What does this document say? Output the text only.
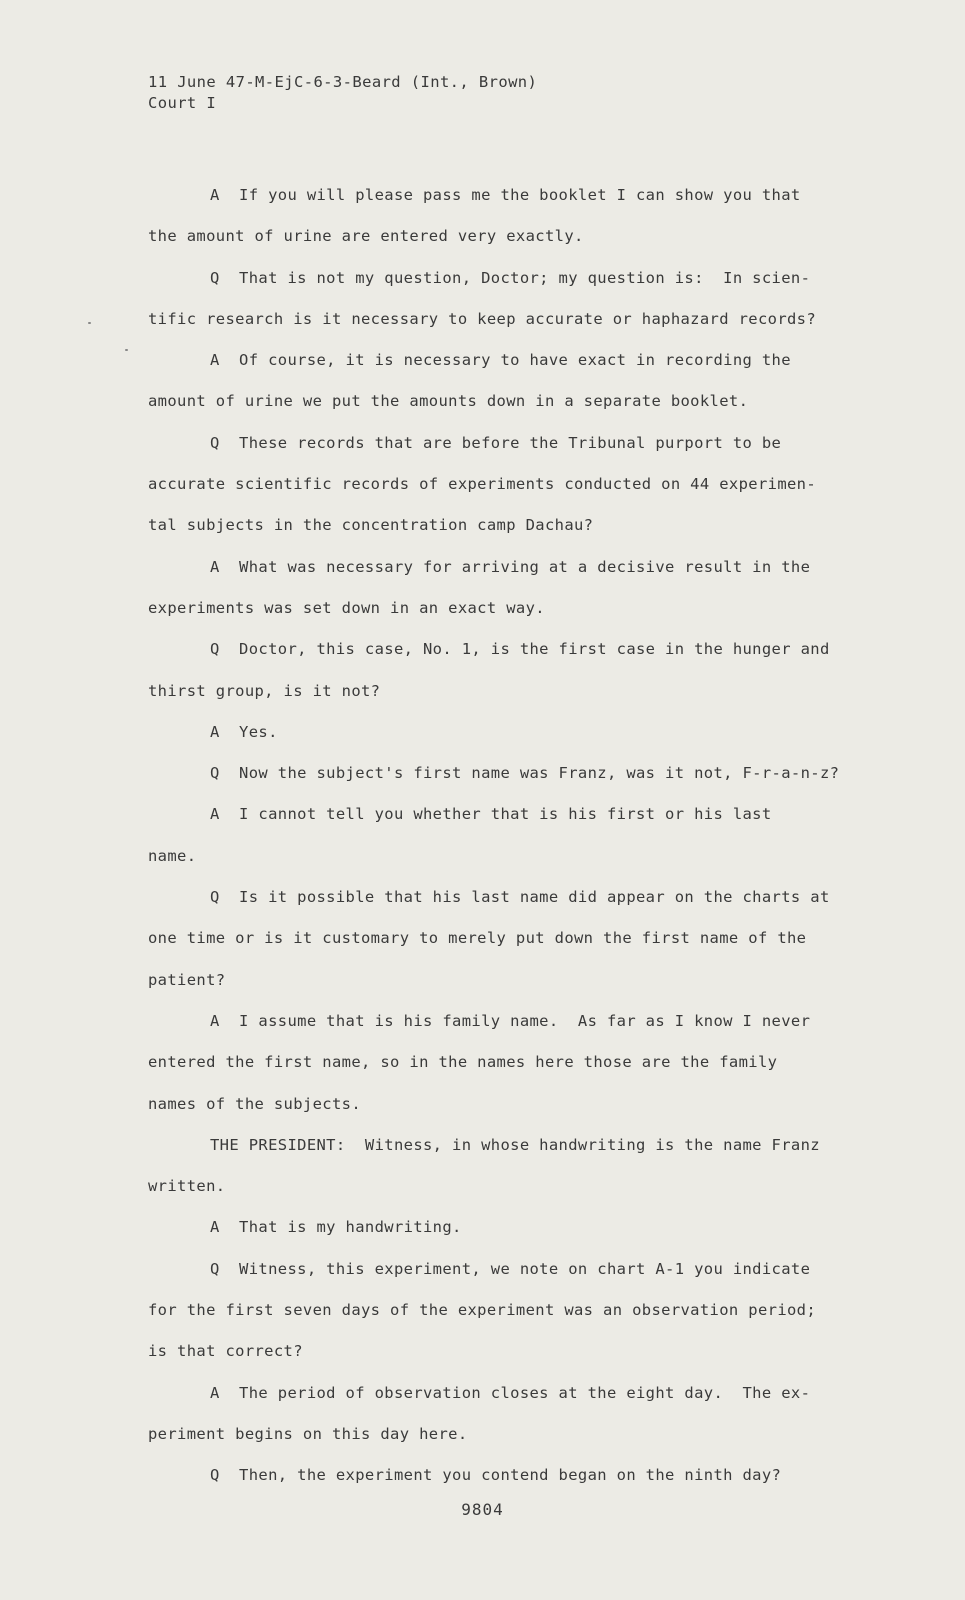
11 June 47-M-EjC-6-3-Beard (Int., Brown)
Court I
A  If you will please pass me the booklet I can show you that
the amount of urine are entered very exactly.
Q  That is not my question, Doctor; my question is:  In scien-
tific research is it necessary to keep accurate or haphazard records?
A  Of course, it is necessary to have exact in recording the
amount of urine we put the amounts down in a separate booklet.
Q  These records that are before the Tribunal purport to be
accurate scientific records of experiments conducted on 44 experimen-
tal subjects in the concentration camp Dachau?
A  What was necessary for arriving at a decisive result in the
experiments was set down in an exact way.
Q  Doctor, this case, No. 1, is the first case in the hunger and
thirst group, is it not?
A  Yes.
Q  Now the subject's first name was Franz, was it not, F-r-a-n-z?
A  I cannot tell you whether that is his first or his last
name.
Q  Is it possible that his last name did appear on the charts at
one time or is it customary to merely put down the first name of the
patient?
A  I assume that is his family name.  As far as I know I never
entered the first name, so in the names here those are the family
names of the subjects.
THE PRESIDENT:  Witness, in whose handwriting is the name Franz
written.
A  That is my handwriting.
Q  Witness, this experiment, we note on chart A-1 you indicate
for the first seven days of the experiment was an observation period;
is that correct?
A  The period of observation closes at the eight day.  The ex-
periment begins on this day here.
Q  Then, the experiment you contend began on the ninth day?
9804
